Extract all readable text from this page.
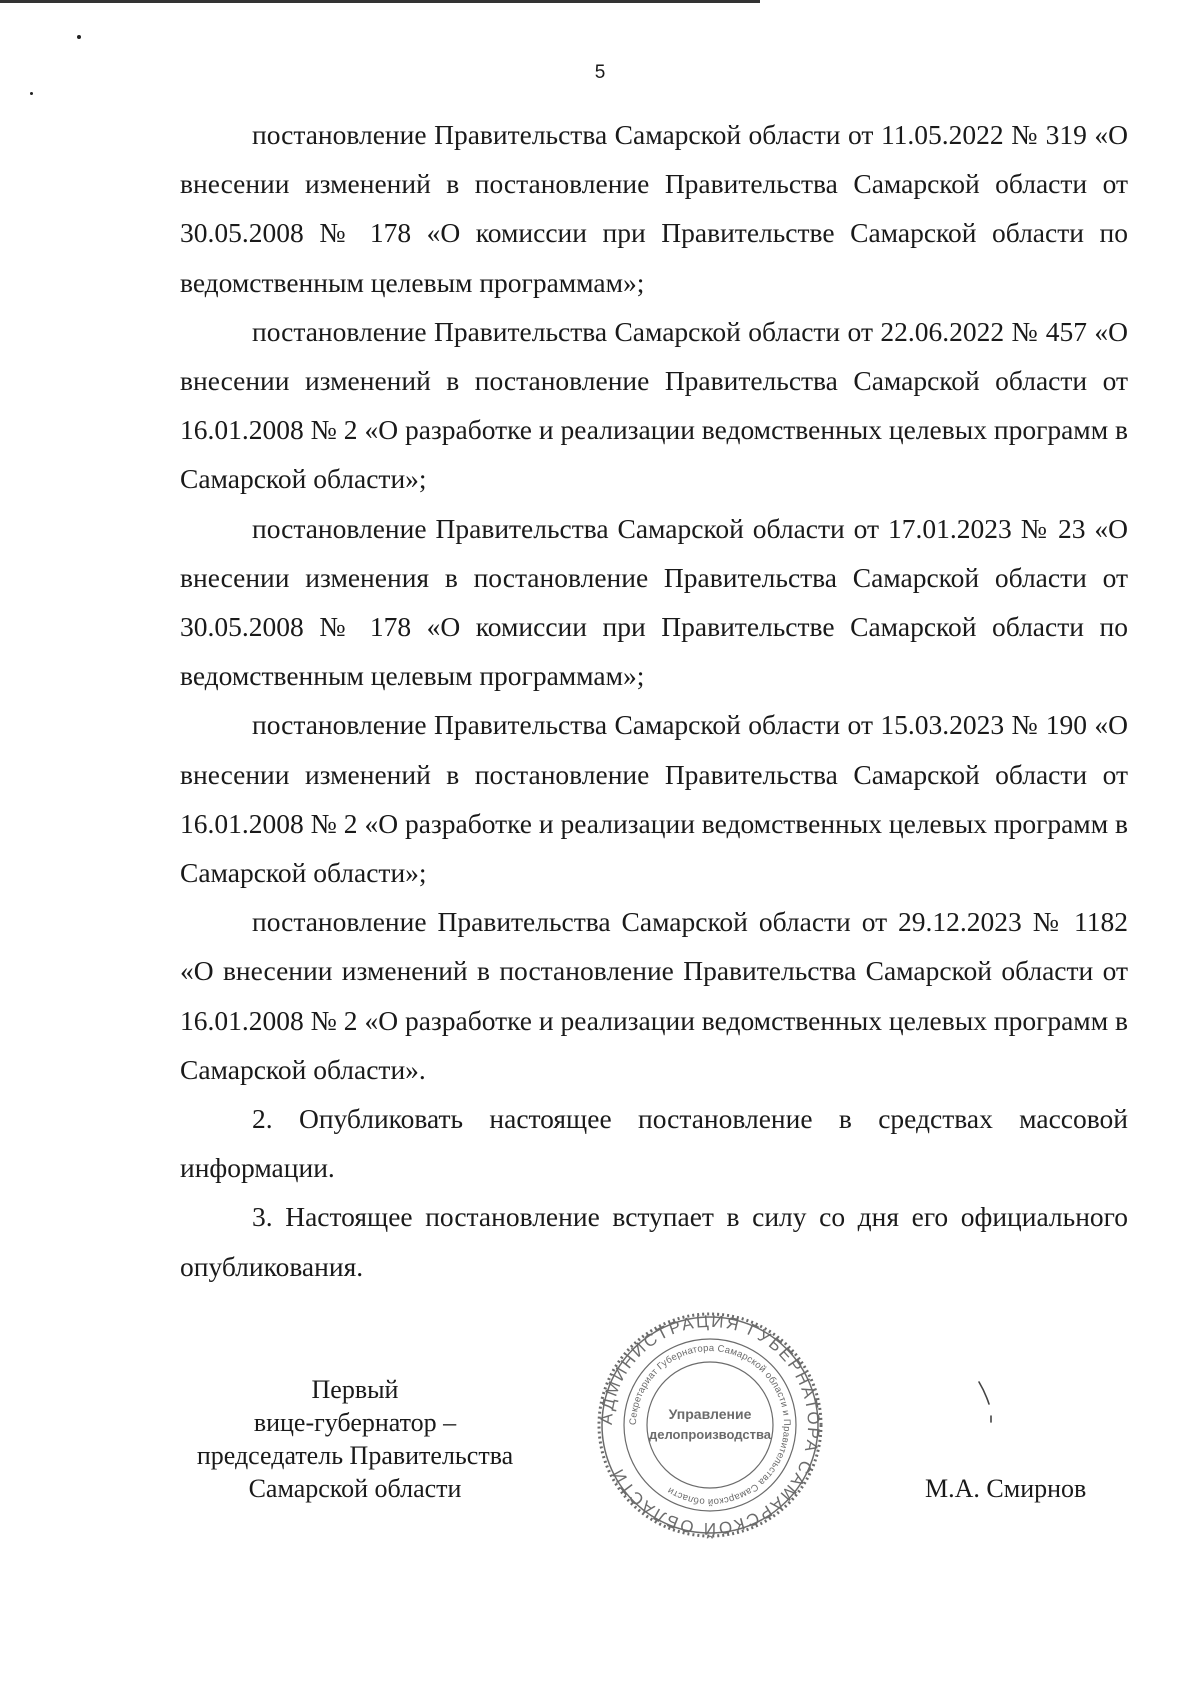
5

постановление Правительства Самарской области от 11.05.2022 № 319 «О внесении изменений в постановление Правительства Самарской области от 30.05.2008 № 178 «О комиссии при Правительстве Самарской области по ведомственным целевым программам»;

постановление Правительства Самарской области от 22.06.2022 № 457 «О внесении изменений в постановление Правительства Самарской области от 16.01.2008 № 2 «О разработке и реализации ведомственных целевых программ в Самарской области»;

постановление Правительства Самарской области от 17.01.2023 № 23 «О внесении изменения в постановление Правительства Самарской области от 30.05.2008 № 178 «О комиссии при Правительстве Самарской области по ведомственным целевым программам»;

постановление Правительства Самарской области от 15.03.2023 № 190 «О внесении изменений в постановление Правительства Самарской области от 16.01.2008 № 2 «О разработке и реализации ведомственных целевых программ в Самарской области»;

постановление Правительства Самарской области от 29.12.2023 № 1182 «О внесении изменений в постановление Правительства Самарской области от 16.01.2008 № 2 «О разработке и реализации ведомственных целевых программ в Самарской области».

2. Опубликовать настоящее постановление в средствах массовой информации.

3. Настоящее постановление вступает в силу со дня его официального опубликования.

Первый
вице-губернатор –
председатель Правительства
Самарской области
АДМИНИСТРАЦИЯ ГУБЕРНАТОРА САМАРСКОЙ ОБЛАСТИ
Секретариат Губернатора Самарской области и Правительства Самарской области
Управление
делопроизводства
М.А. Смирнов
